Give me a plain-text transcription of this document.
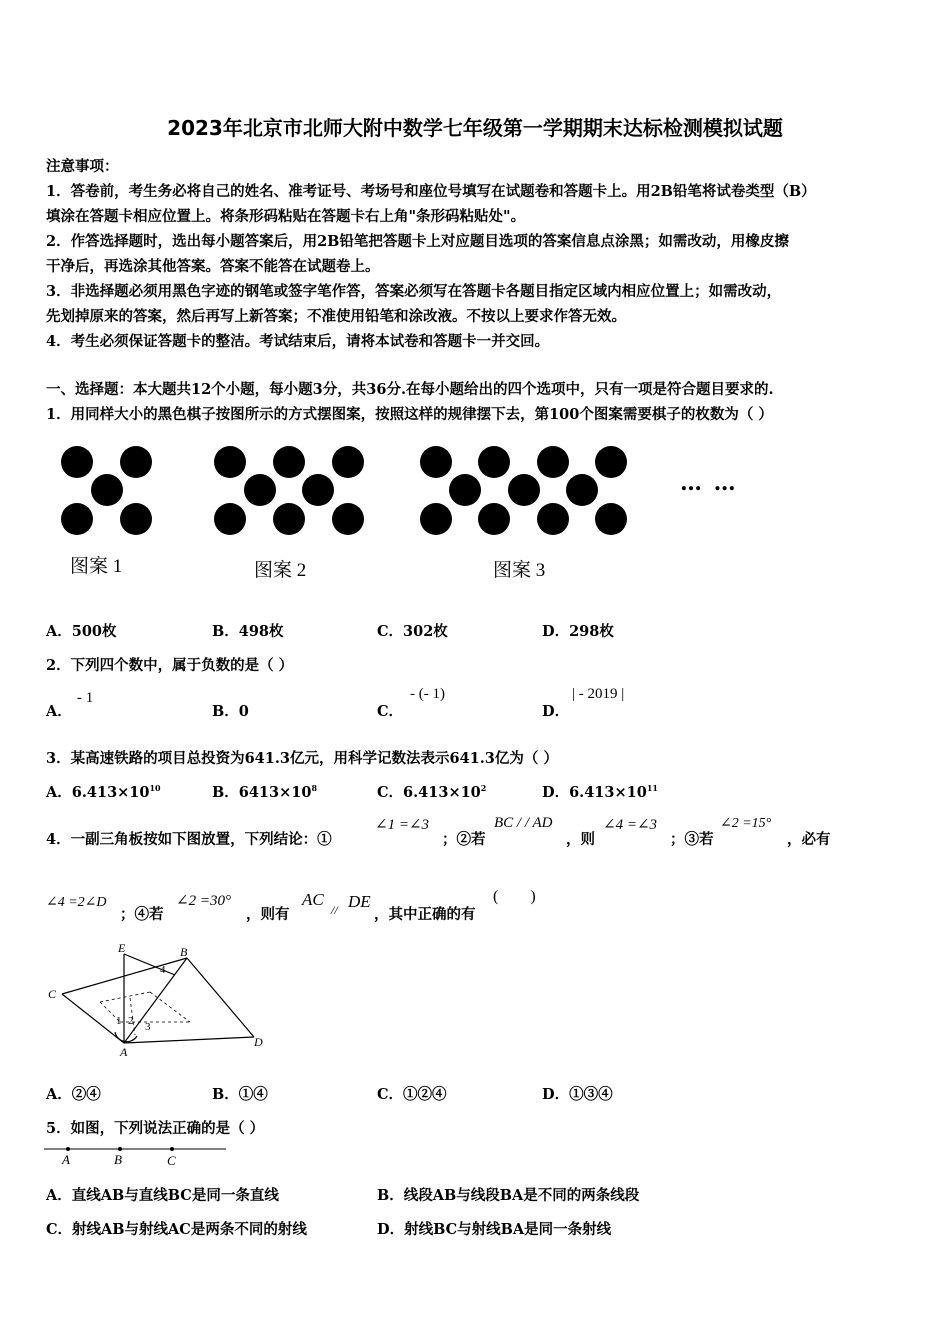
2023年北京市北师大附中数学七年级第一学期期末达标检测模拟试题
注意事项：
1．答卷前，考生务必将自己的姓名、准考证号、考场号和座位号填写在试题卷和答题卡上。用2B铅笔将试卷类型（B）
填涂在答题卡相应位置上。将条形码粘贴在答题卡右上角"条形码粘贴处"。
2．作答选择题时，选出每小题答案后，用2B铅笔把答题卡上对应题目选项的答案信息点涂黑；如需改动，用橡皮擦
干净后，再选涂其他答案。答案不能答在试题卷上。
3．非选择题必须用黑色字迹的钢笔或签字笔作答，答案必须写在答题卡各题目指定区域内相应位置上；如需改动，
先划掉原来的答案，然后再写上新答案；不准使用铅笔和涂改液。不按以上要求作答无效。
4．考生必须保证答题卡的整洁。考试结束后，请将本试卷和答题卡一并交回。
一、选择题：本大题共12个小题，每小题3分，共36分.在每小题给出的四个选项中，只有一项是符合题目要求的.
1．用同样大小的黑色棋子按图所示的方式摆图案，按照这样的规律摆下去，第100个图案需要棋子的枚数为（ ）
… …
图案 1	图案 2	图案 3
A．500枚	B．498枚	C．302枚	D．298枚
2．下列四个数中，属于负数的是（ ）
A．
- 1
B．0	C．
- (- 1)
D．
| - 2019 |
3．某高速铁路的项目总投资为641.3亿元，用科学记数法表示641.3亿为（ ）
A．$6.413\times 10^{10}$	B．$6413\times 10^8$	C．$6.413\times 10^2$	D．$6.413\times 10^{11}$
4．一副三角板按如下图放置，下列结论：①
∠1 =∠3
；②若
BC / / AD
，则
∠4 =∠3
；③若
∠2 =15°
，必有
∠4 =2∠D
；④若
∠2 =30°
，则有
AC
// DE
，其中正确的有
(        )
E	B
C
A
D
1 2 3
4
A．②④	B．①④	C．①②④	D．①③④
5．如图，下列说法正确的是（ ）
A	B	C
A．直线AB与直线BC是同一条直线	B．线段AB与线段BA是不同的两条线段
C．射线AB与射线AC是两条不同的射线	D．射线BC与射线BA是同一条射线
